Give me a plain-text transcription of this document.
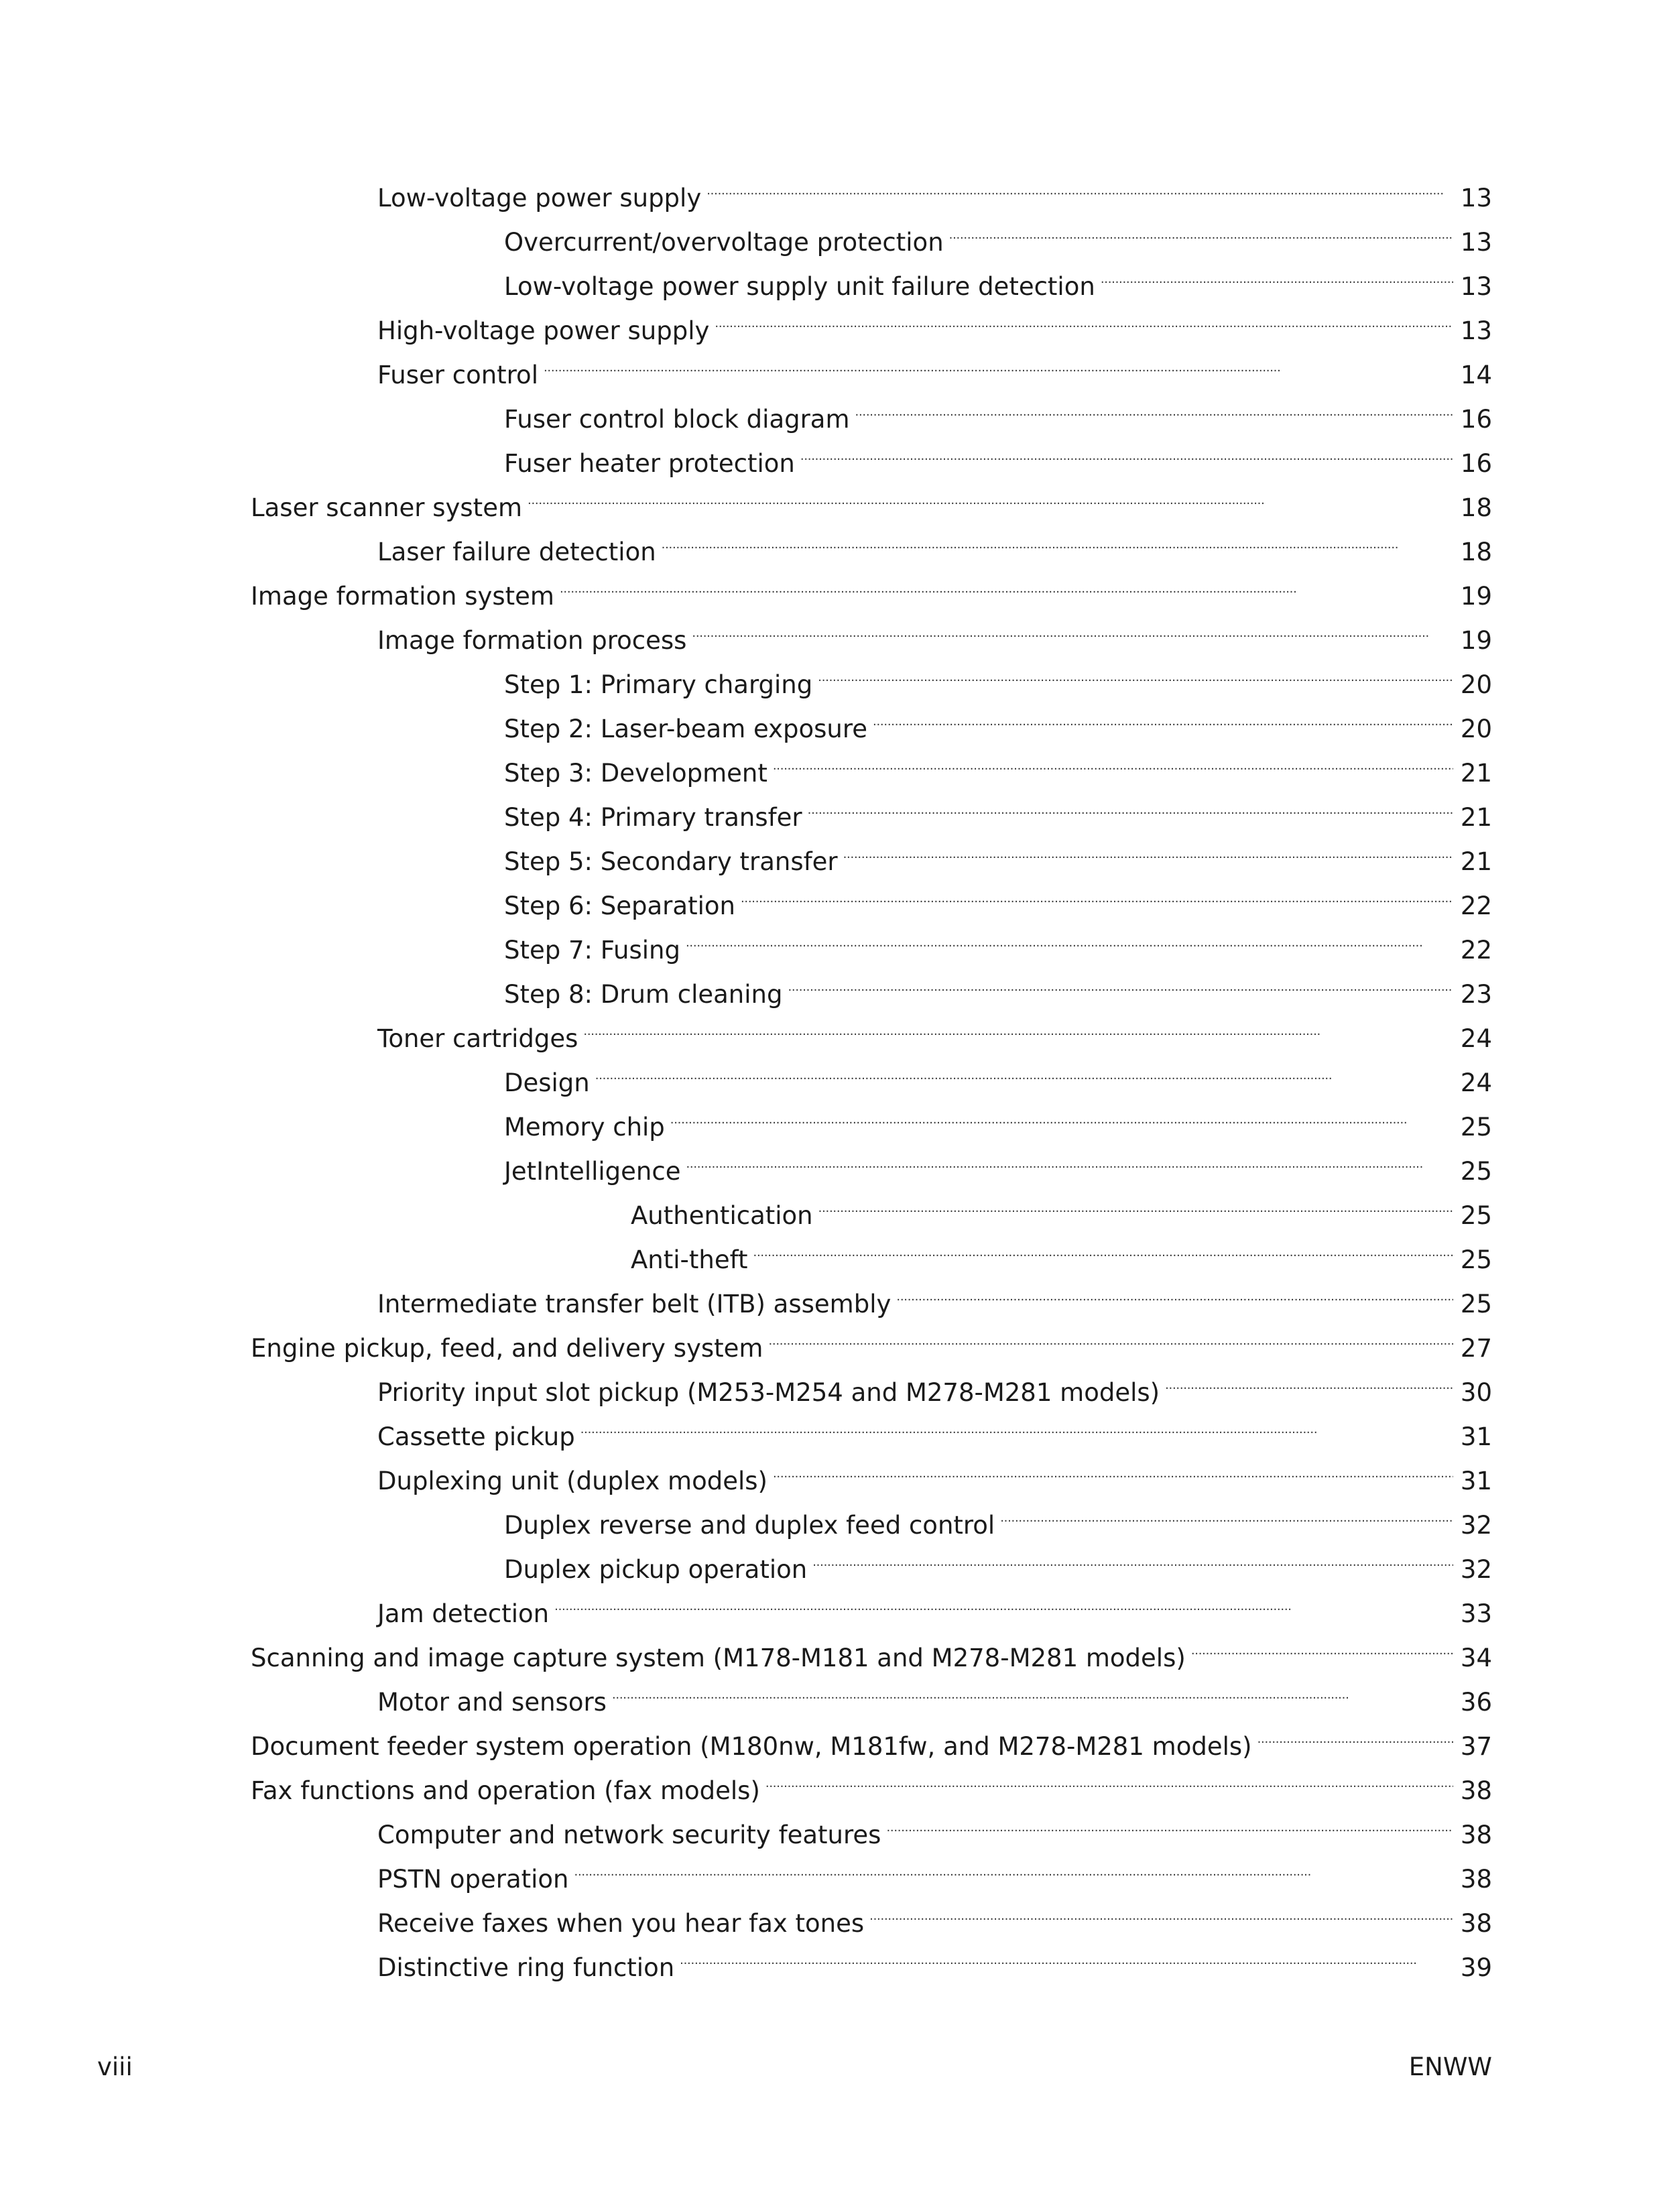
Low-voltage power supply . . .	13
Overcurrent/overvoltage protection . . .	13
Low-voltage power supply unit failure detection . . .	13
High-voltage power supply . . .	13
Fuser control . . .	14
Fuser control block diagram . . .	16
Fuser heater protection . . .	16
Laser scanner system . . .	18
Laser failure detection . . .	18
Image formation system . . .	19
Image formation process . . .	19
Step 1: Primary charging . . .	20
Step 2: Laser-beam exposure . . .	20
Step 3: Development . . .	21
Step 4: Primary transfer . . .	21
Step 5: Secondary transfer . . .	21
Step 6: Separation . . .	22
Step 7: Fusing . . .	22
Step 8: Drum cleaning . . .	23
Toner cartridges . . .	24
Design . . .	24
Memory chip . . .	25
JetIntelligence . . .	25
Authentication . . .	25
Anti-theft . . .	25
Intermediate transfer belt (ITB) assembly . . .	25
Engine pickup, feed, and delivery system . . .	27
Priority input slot pickup (M253-M254 and M278-M281 models) . . .	30
Cassette pickup . . .	31
Duplexing unit (duplex models) . . .	31
Duplex reverse and duplex feed control . . .	32
Duplex pickup operation . . .	32
Jam detection . . .	33
Scanning and image capture system (M178-M181 and M278-M281 models) . . .	34
Motor and sensors . . .	36
Document feeder system operation (M180nw, M181fw, and M278-M281 models) . . .	37
Fax functions and operation (fax models) . . .	38
Computer and network security features . . .	38
PSTN operation . . .	38
Receive faxes when you hear fax tones . . .	38
Distinctive ring function . . .	39
viii	ENWW
